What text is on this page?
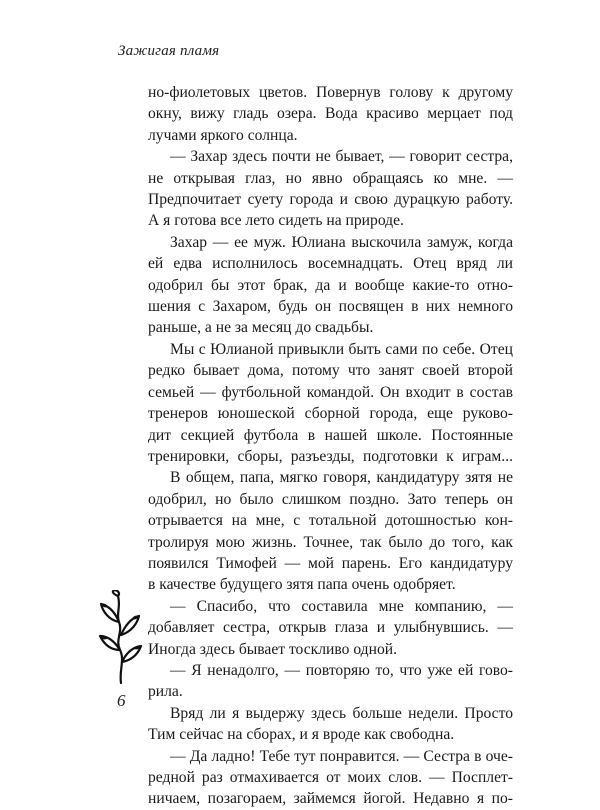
Зажигая пламя
но-фиолетовых цветов. Повернув голову к другому
окну, вижу гладь озера. Вода красиво мерцает под
лучами яркого солнца.
— Захар здесь почти не бывает, — говорит сестра,
не открывая глаз, но явно обращаясь ко мне. —
Предпочитает суету города и свою дурацкую работу.
А я готова все лето сидеть на природе.
Захар — ее муж. Юлиана выскочила замуж, когда
ей едва исполнилось восемнадцать. Отец вряд ли
одобрил бы этот брак, да и вообще какие-то отно-
шения с Захаром, будь он посвящен в них немного
раньше, а не за месяц до свадьбы.
Мы с Юлианой привыкли быть сами по себе. Отец
редко бывает дома, потому что занят своей второй
семьей — футбольной командой. Он входит в состав
тренеров юношеской сборной города, еще руково-
дит секцией футбола в нашей школе. Постоянные
тренировки, сборы, разъезды, подготовки к играм...
В общем, папа, мягко говоря, кандидатуру зятя не
одобрил, но было слишком поздно. Зато теперь он
отрывается на мне, с тотальной дотошностью кон-
тролируя мою жизнь. Точнее, так было до того, как
появился Тимофей — мой парень. Его кандидатуру
в качестве будущего зятя папа очень одобряет.
— Спасибо, что составила мне компанию, —
добавляет сестра, открыв глаза и улыбнувшись. —
Иногда здесь бывает тоскливо одной.
— Я ненадолго, — повторяю то, что уже ей гово-
рила.
Вряд ли я выдержу здесь больше недели. Просто
Тим сейчас на сборах, и я вроде как свободна.
— Да ладно! Тебе тут понравится. — Сестра в оче-
редной раз отмахивается от моих слов. — Посплет-
ничаем, позагораем, займемся йогой. Недавно я по-
6
